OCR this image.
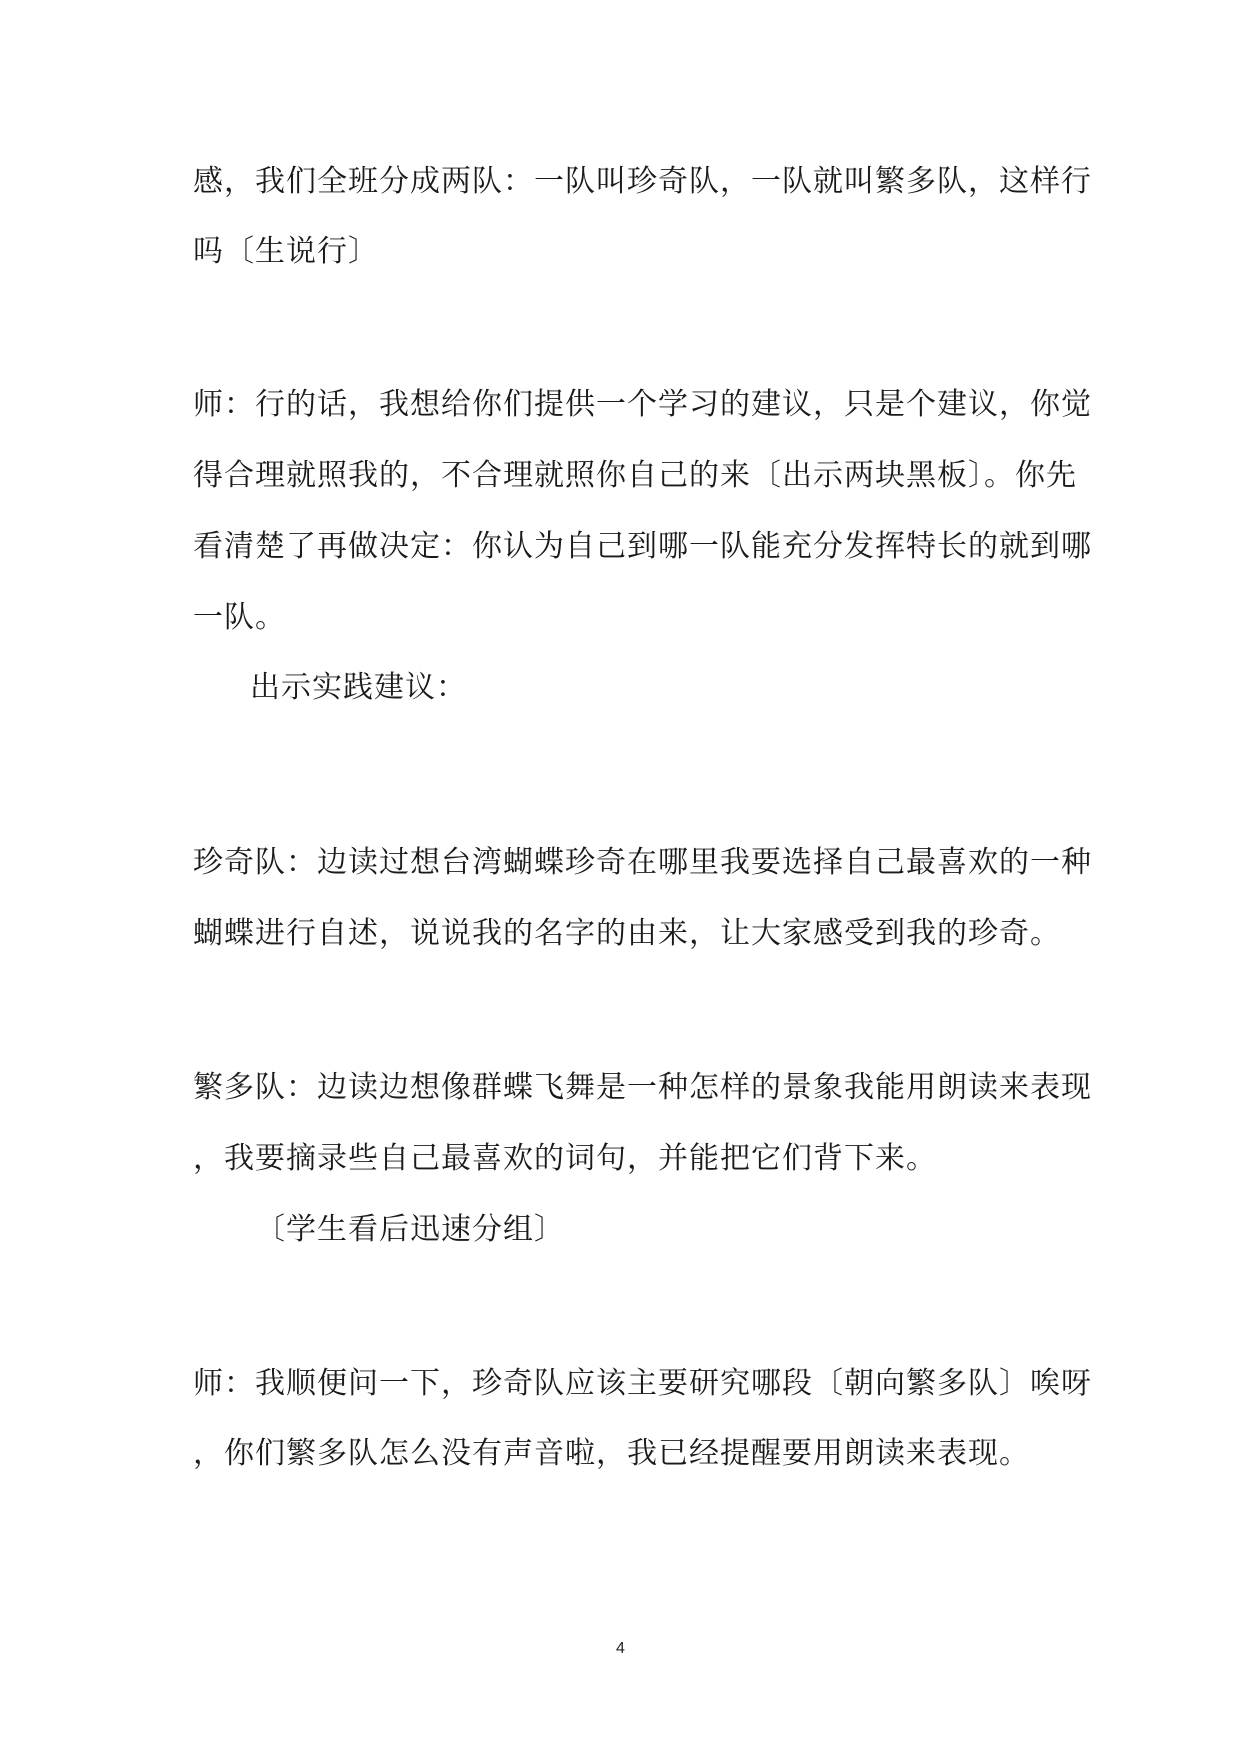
感，我们全班分成两队：一队叫珍奇队，一队就叫繁多队，这样行
吗〔生说行〕
师：行的话，我想给你们提供一个学习的建议，只是个建议，你觉
得合理就照我的，不合理就照你自己的来〔出示两块黑板〕。你先
看清楚了再做决定：你认为自己到哪一队能充分发挥特长的就到哪
一队。
出示实践建议：
珍奇队：边读过想台湾蝴蝶珍奇在哪里我要选择自己最喜欢的一种
蝴蝶进行自述，说说我的名字的由来，让大家感受到我的珍奇。
繁多队：边读边想像群蝶飞舞是一种怎样的景象我能用朗读来表现
，我要摘录些自己最喜欢的词句，并能把它们背下来。
〔学生看后迅速分组〕
师：我顺便问一下，珍奇队应该主要研究哪段〔朝向繁多队〕唉呀
，你们繁多队怎么没有声音啦，我已经提醒要用朗读来表现。
4
